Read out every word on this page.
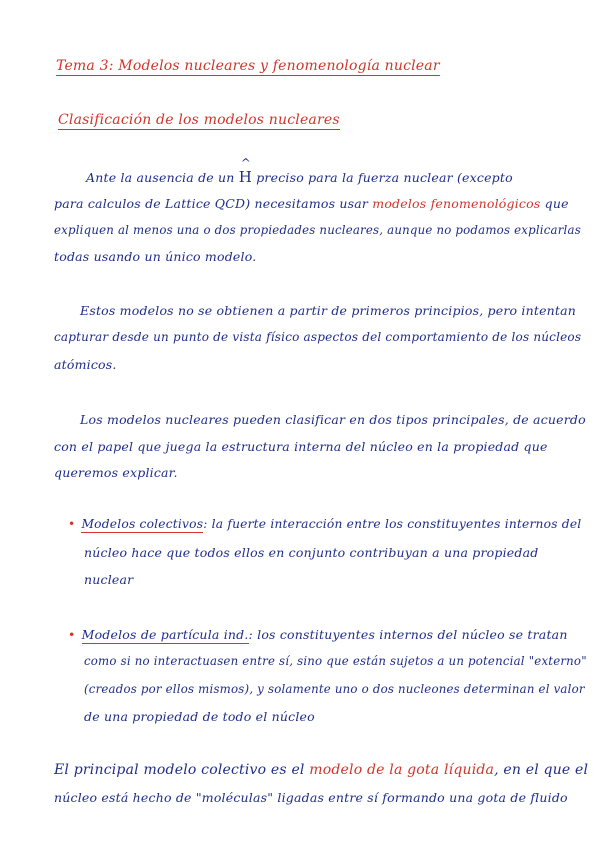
Tema 3: Modelos nucleares y fenomenología nuclear
Clasificación de los modelos nucleares
Ante la ausencia de un
^
H preciso para la fuerza nuclear (excepto
para calculos de Lattice QCD) necesitamos usar modelos fenomenológicos que
expliquen al menos una o dos propiedades nucleares, aunque no podamos explicarlas
todas usando un único modelo.
Estos modelos no se obtienen a partir de primeros principios, pero intentan
capturar desde un punto de vista físico aspectos del comportamiento de los núcleos
atómicos.
Los modelos nucleares pueden clasificar en dos tipos principales, de acuerdo
con el papel que juega la estructura interna del núcleo en la propiedad que
queremos explicar.
• Modelos colectivos: la fuerte interacción entre los constituyentes internos del
núcleo hace que todos ellos en conjunto contribuyan a una propiedad
nuclear
• Modelos de partícula ind.: los constituyentes internos del núcleo se tratan
como si no interactuasen entre sí, sino que están sujetos a un potencial "externo"
(creados por ellos mismos), y solamente uno o dos nucleones determinan el valor
de una propiedad de todo el núcleo
El principal modelo colectivo es el modelo de la gota líquida, en el que el
núcleo está hecho de "moléculas" ligadas entre sí formando una gota de fluido
